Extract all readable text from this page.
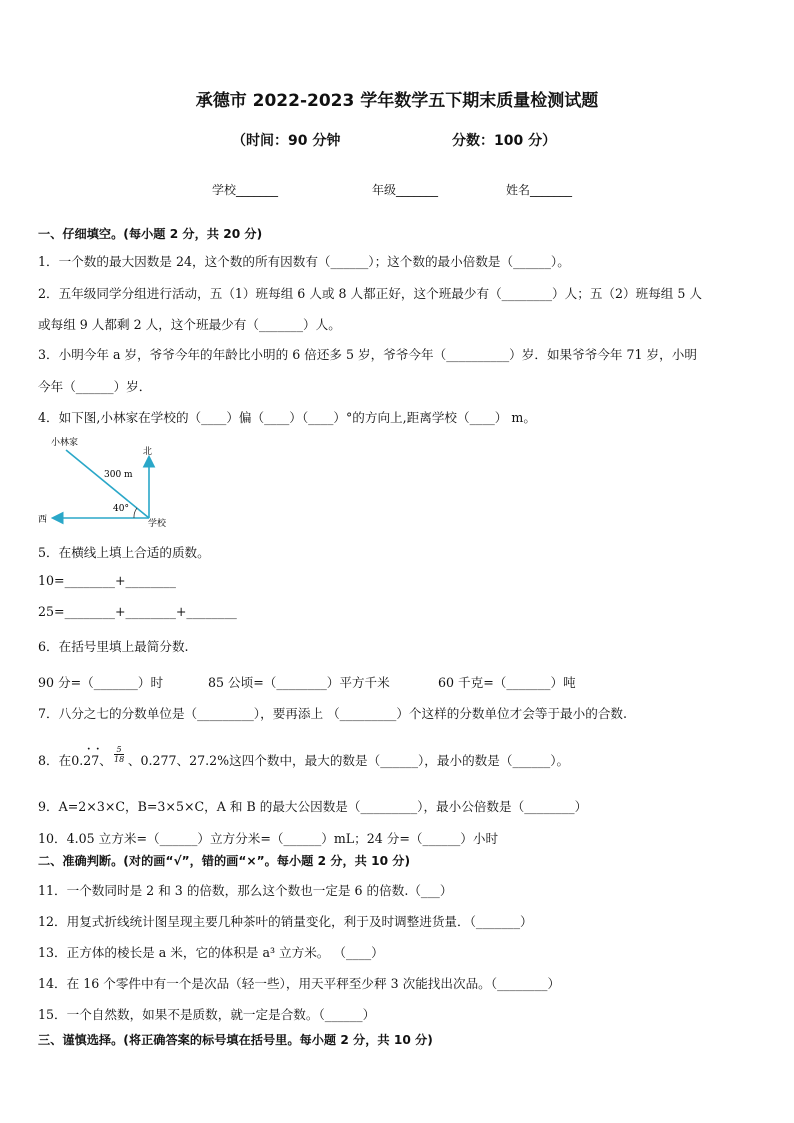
承德市 2022-2023 学年数学五下期末质量检测试题
（时间：90 分钟	分数：100 分）
学校_______	年级_______	姓名_______
一、仔细填空。(每小题 2 分，共 20 分)
1．一个数的最大因数是 24，这个数的所有因数有（______）；这个数的最小倍数是（______）。
2．五年级同学分组进行活动，五（1）班每组 6 人或 8 人都正好，这个班最少有（________）人；五（2）班每组 5 人
或每组 9 人都剩 2 人，这个班最少有（_______）人。
3．小明今年 a 岁，爷爷今年的年龄比小明的 6 倍还多 5 岁，爷爷今年（__________）岁．如果爷爷今年 71 岁，小明
今年（______）岁．
4．如下图,小林家在学校的（____）偏（____）（____）°的方向上,距离学校（____） m。
小林家
北
西	学校
300 m
40°
5．在横线上填上合适的质数。
10=________+________
25=________+________+________
6．在括号里填上最简分数.
90 分=（_______）时	85 公顷=（________）平方千米	60 千克=（_______）吨
7．八分之七的分数单位是（_________），要再添上 （_________）个这样的分数单位才会等于最小的合数.
8．在0.27、 、0.277、27.2%这四个数中，最大的数是（______），最小的数是（______）。
· · $\frac{5}{18}$
9．A=2×3×C，B=3×5×C，A 和 B 的最大公因数是（_________），最小公倍数是（________）
10．4.05 立方米=（______）立方分米=（______）mL；24 分=（______）小时
二、准确判断。(对的画“√”，错的画“×”。每小题 2 分，共 10 分)
11．一个数同时是 2 和 3 的倍数，那么这个数也一定是 6 的倍数.（___）
12．用复式折线统计图呈现主要几种茶叶的销量变化，利于及时调整进货量．（_______）
13．正方体的棱长是 a 米，它的体积是 a³ 立方米。 （____）
14．在 16 个零件中有一个是次品（轻一些），用天平秤至少秤 3 次能找出次品。（________）
15．一个自然数，如果不是质数，就一定是合数。（______）
三、谨慎选择。(将正确答案的标号填在括号里。每小题 2 分，共 10 分)
